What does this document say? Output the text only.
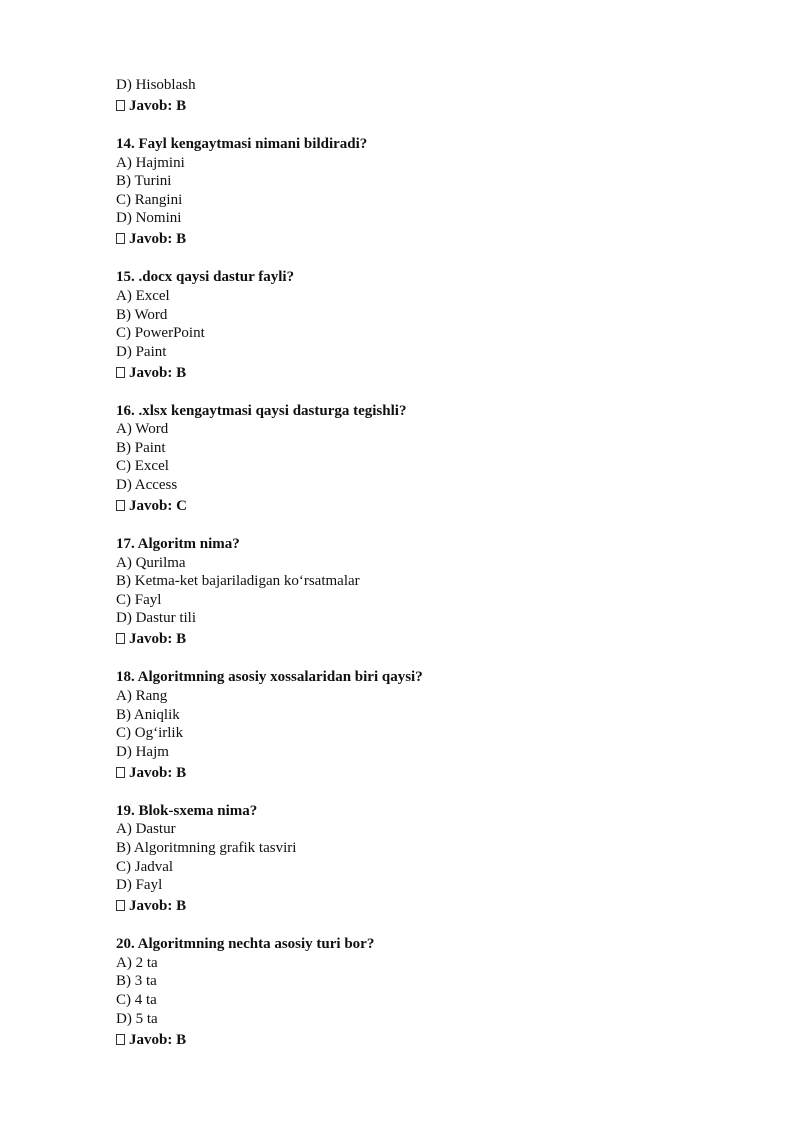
D) Hisoblash
Javob: B
14. Fayl kengaytmasi nimani bildiradi?
A) Hajmini
B) Turini
C) Rangini
D) Nomini
Javob: B
15. .docx qaysi dastur fayli?
A) Excel
B) Word
C) PowerPoint
D) Paint
Javob: B
16. .xlsx kengaytmasi qaysi dasturga tegishli?
A) Word
B) Paint
C) Excel
D) Access
Javob: C
17. Algoritm nima?
A) Qurilma
B) Ketma-ket bajariladigan ko‘rsatmalar
C) Fayl
D) Dastur tili
Javob: B
18. Algoritmning asosiy xossalaridan biri qaysi?
A) Rang
B) Aniqlik
C) Og‘irlik
D) Hajm
Javob: B
19. Blok-sxema nima?
A) Dastur
B) Algoritmning grafik tasviri
C) Jadval
D) Fayl
Javob: B
20. Algoritmning nechta asosiy turi bor?
A) 2 ta
B) 3 ta
C) 4 ta
D) 5 ta
Javob: B
